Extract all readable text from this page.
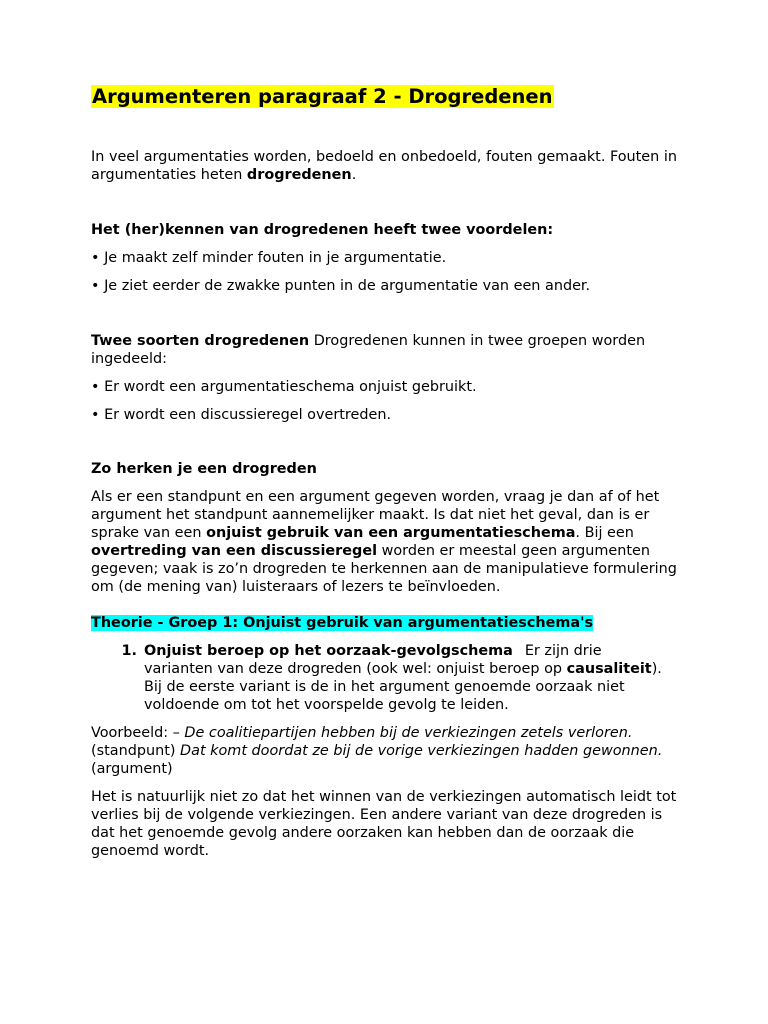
Argumenteren paragraaf 2 - Drogredenen

In veel argumentaties worden, bedoeld en onbedoeld, fouten gemaakt. Fouten in argumentaties heten drogredenen.

Het (her)kennen van drogredenen heeft twee voordelen:

• Je maakt zelf minder fouten in je argumentatie.

• Je ziet eerder de zwakke punten in de argumentatie van een ander.

Twee soorten drogredenen Drogredenen kunnen in twee groepen worden ingedeeld:

• Er wordt een argumentatieschema onjuist gebruikt.

• Er wordt een discussieregel overtreden.

Zo herken je een drogreden

Als er een standpunt en een argument gegeven worden, vraag je dan af of het argument het standpunt aannemelijker maakt. Is dat niet het geval, dan is er sprake van een onjuist gebruik van een argumentatieschema. Bij een overtreding van een discussieregel worden er meestal geen argumenten gegeven; vaak is zo’n drogreden te herkennen aan de manipulatieve formulering om (de mening van) luisteraars of lezers te beïnvloeden.

Theorie - Groep 1: Onjuist gebruik van argumentatieschema's

1. Onjuist beroep op het oorzaak-gevolgschema Er zijn drie varianten van deze drogreden (ook wel: onjuist beroep op causaliteit). Bij de eerste variant is de in het argument genoemde oorzaak niet voldoende om tot het voorspelde gevolg te leiden.

Voorbeeld: – De coalitiepartijen hebben bij de verkiezingen zetels verloren. (standpunt) Dat komt doordat ze bij de vorige verkiezingen hadden gewonnen. (argument)

Het is natuurlijk niet zo dat het winnen van de verkiezingen automatisch leidt tot verlies bij de volgende verkiezingen. Een andere variant van deze drogreden is dat het genoemde gevolg andere oorzaken kan hebben dan de oorzaak die genoemd wordt.
